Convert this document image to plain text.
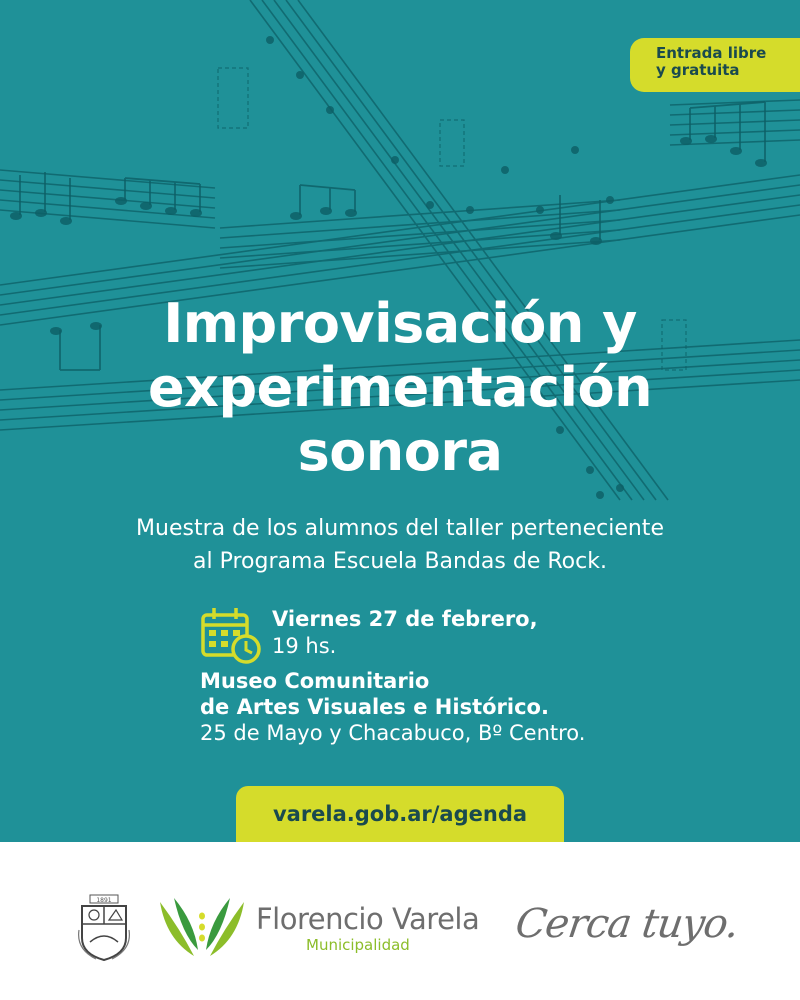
Entrada libre
y gratuita
Improvisación y
experimentación
sonora

Muestra de los alumnos del taller perteneciente
al Programa Escuela Bandas de Rock.

Viernes 27 de febrero,
19 hs.
Museo Comunitario
de Artes Visuales e Histórico.
25 de Mayo y Chacabuco, Bº Centro.
varela.gob.ar/agenda
1891
Florencio Varela
Municipalidad	Cerca tuyo.
